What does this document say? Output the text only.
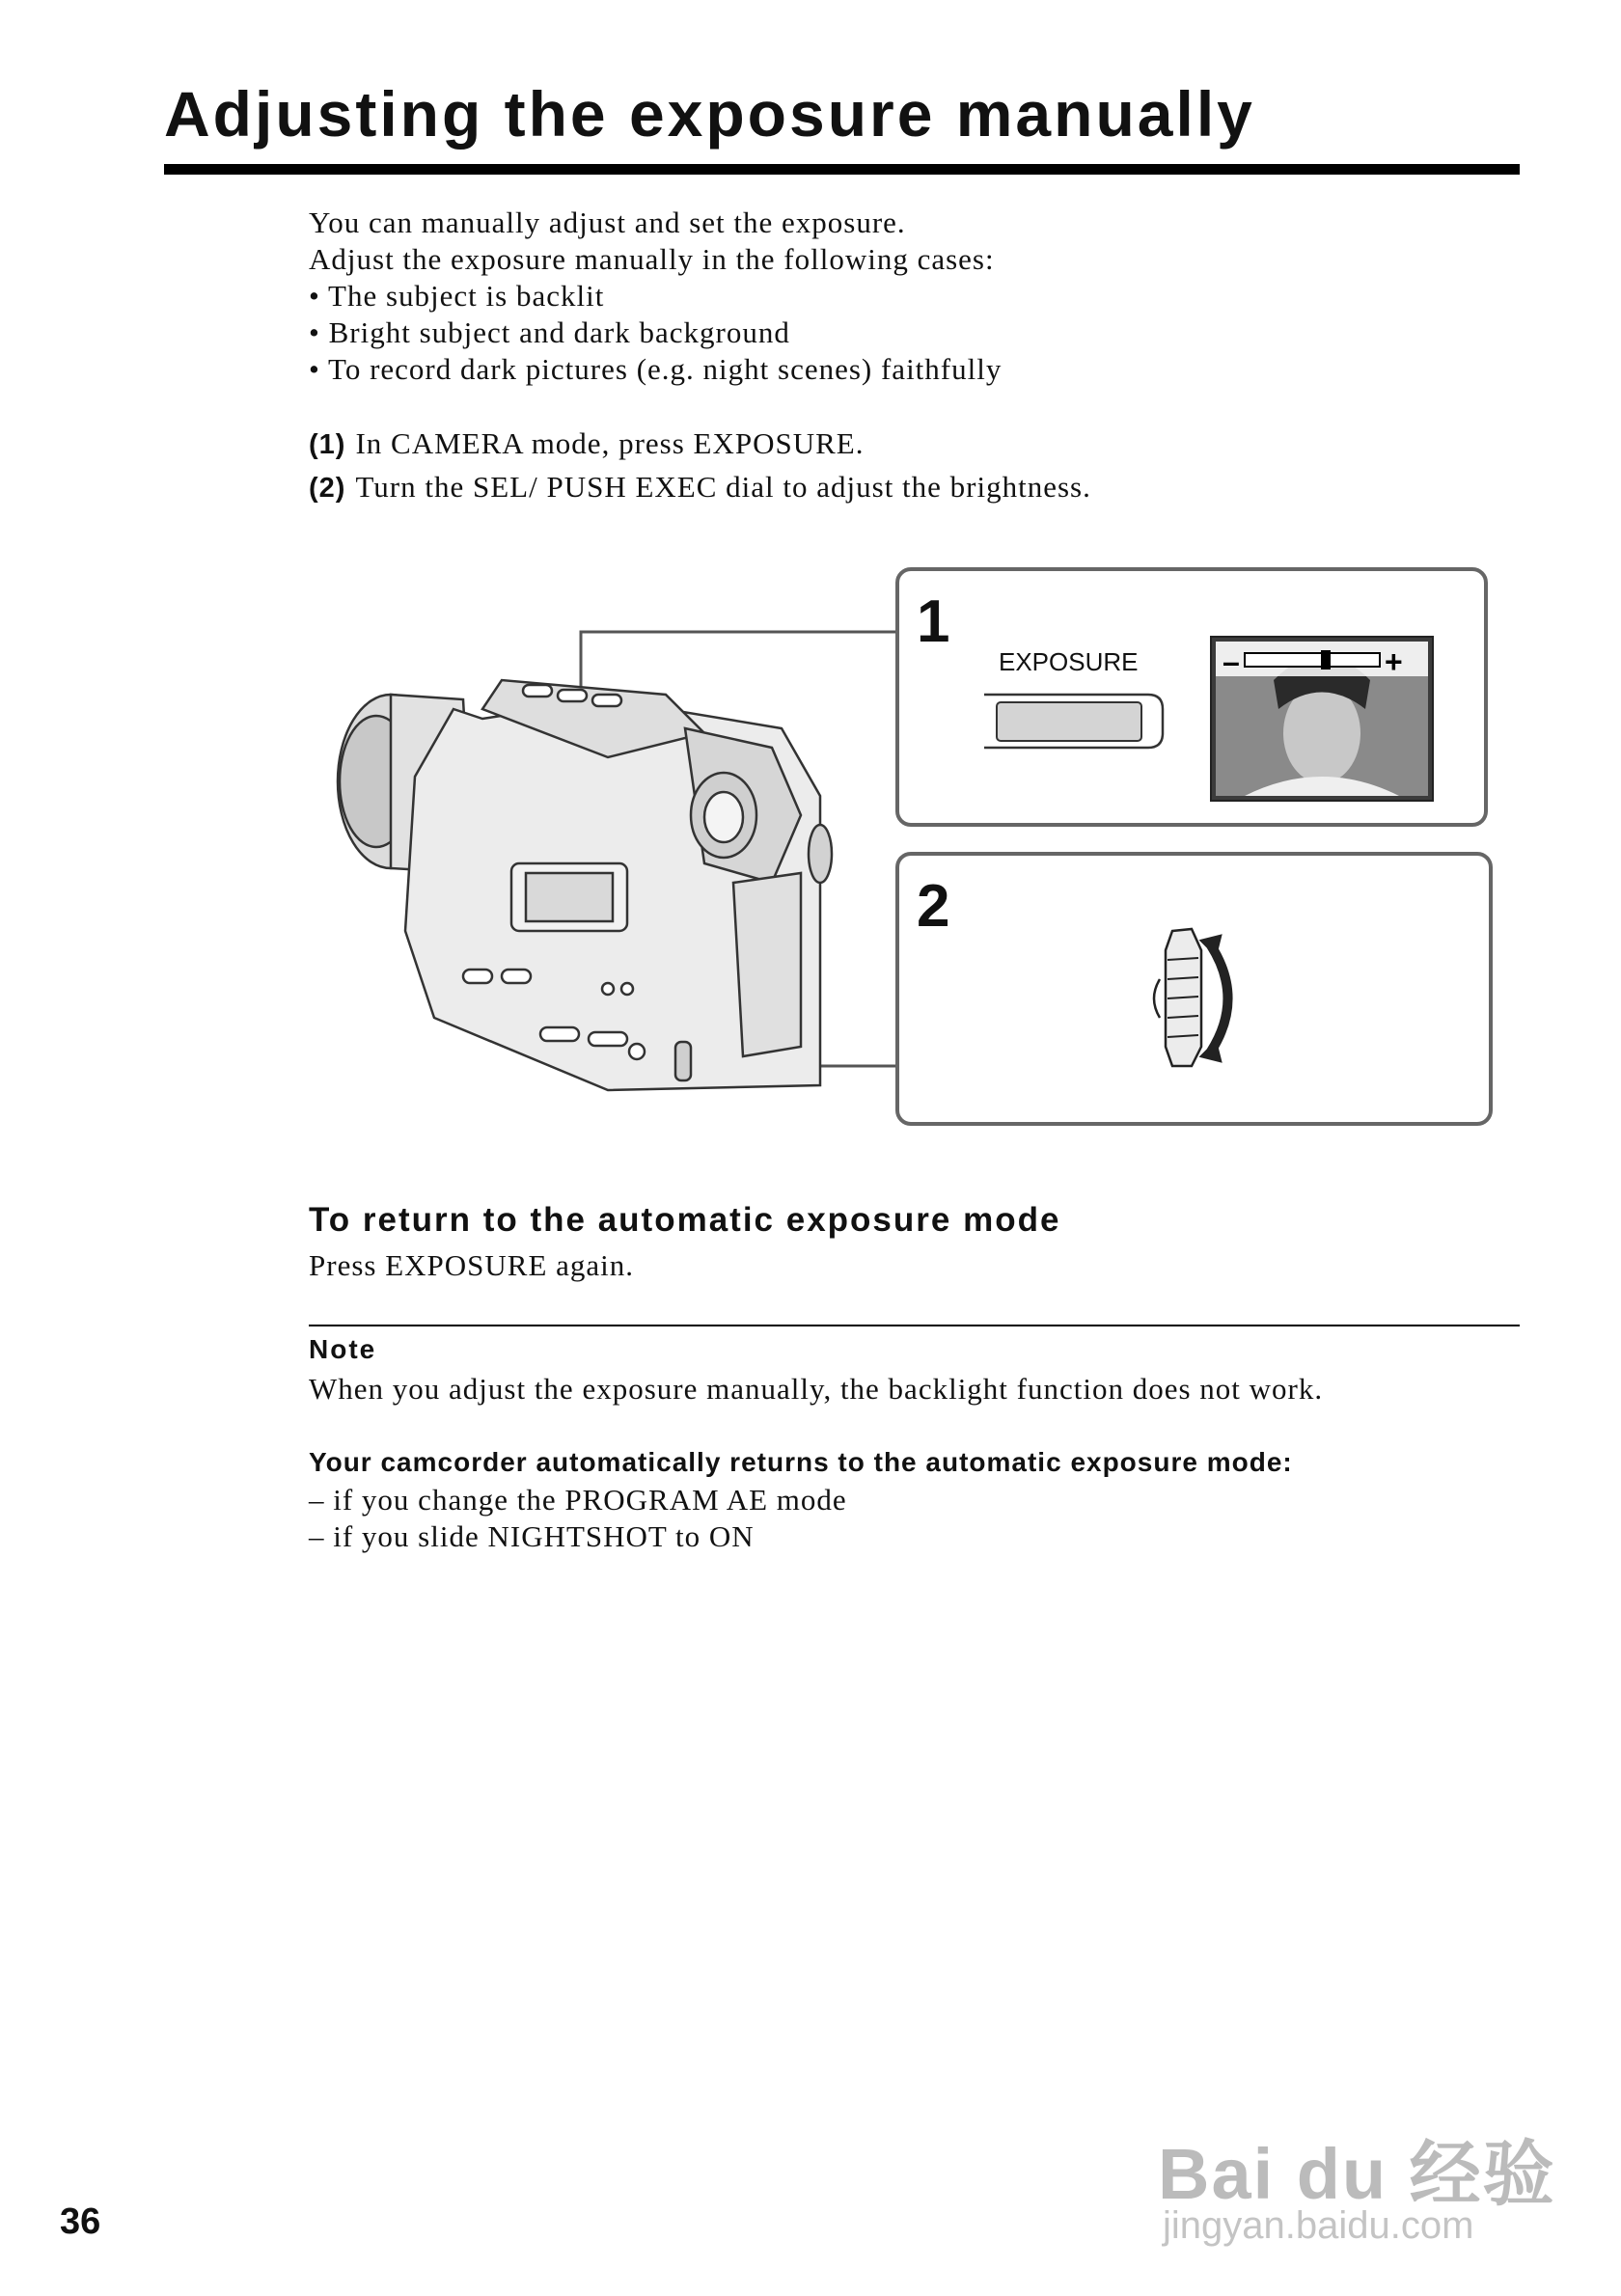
Adjusting the exposure manually
You can manually adjust and set the exposure.
Adjust the exposure manually in the following cases:
• The subject is backlit
• Bright subject and dark background
• To record dark pictures (e.g. night scenes) faithfully
(1) In CAMERA mode, press EXPOSURE.
(2) Turn the SEL/ PUSH EXEC dial to adjust the brightness.
1
EXPOSURE	–	+
2
To return to the automatic exposure mode
Press EXPOSURE again.
Note
When you adjust the exposure manually, the backlight function does not work.
Your camcorder automatically returns to the automatic exposure mode:
– if you change the PROGRAM AE mode
– if you slide NIGHTSHOT to ON
36
Bai du 经验
jingyan.baidu.com
